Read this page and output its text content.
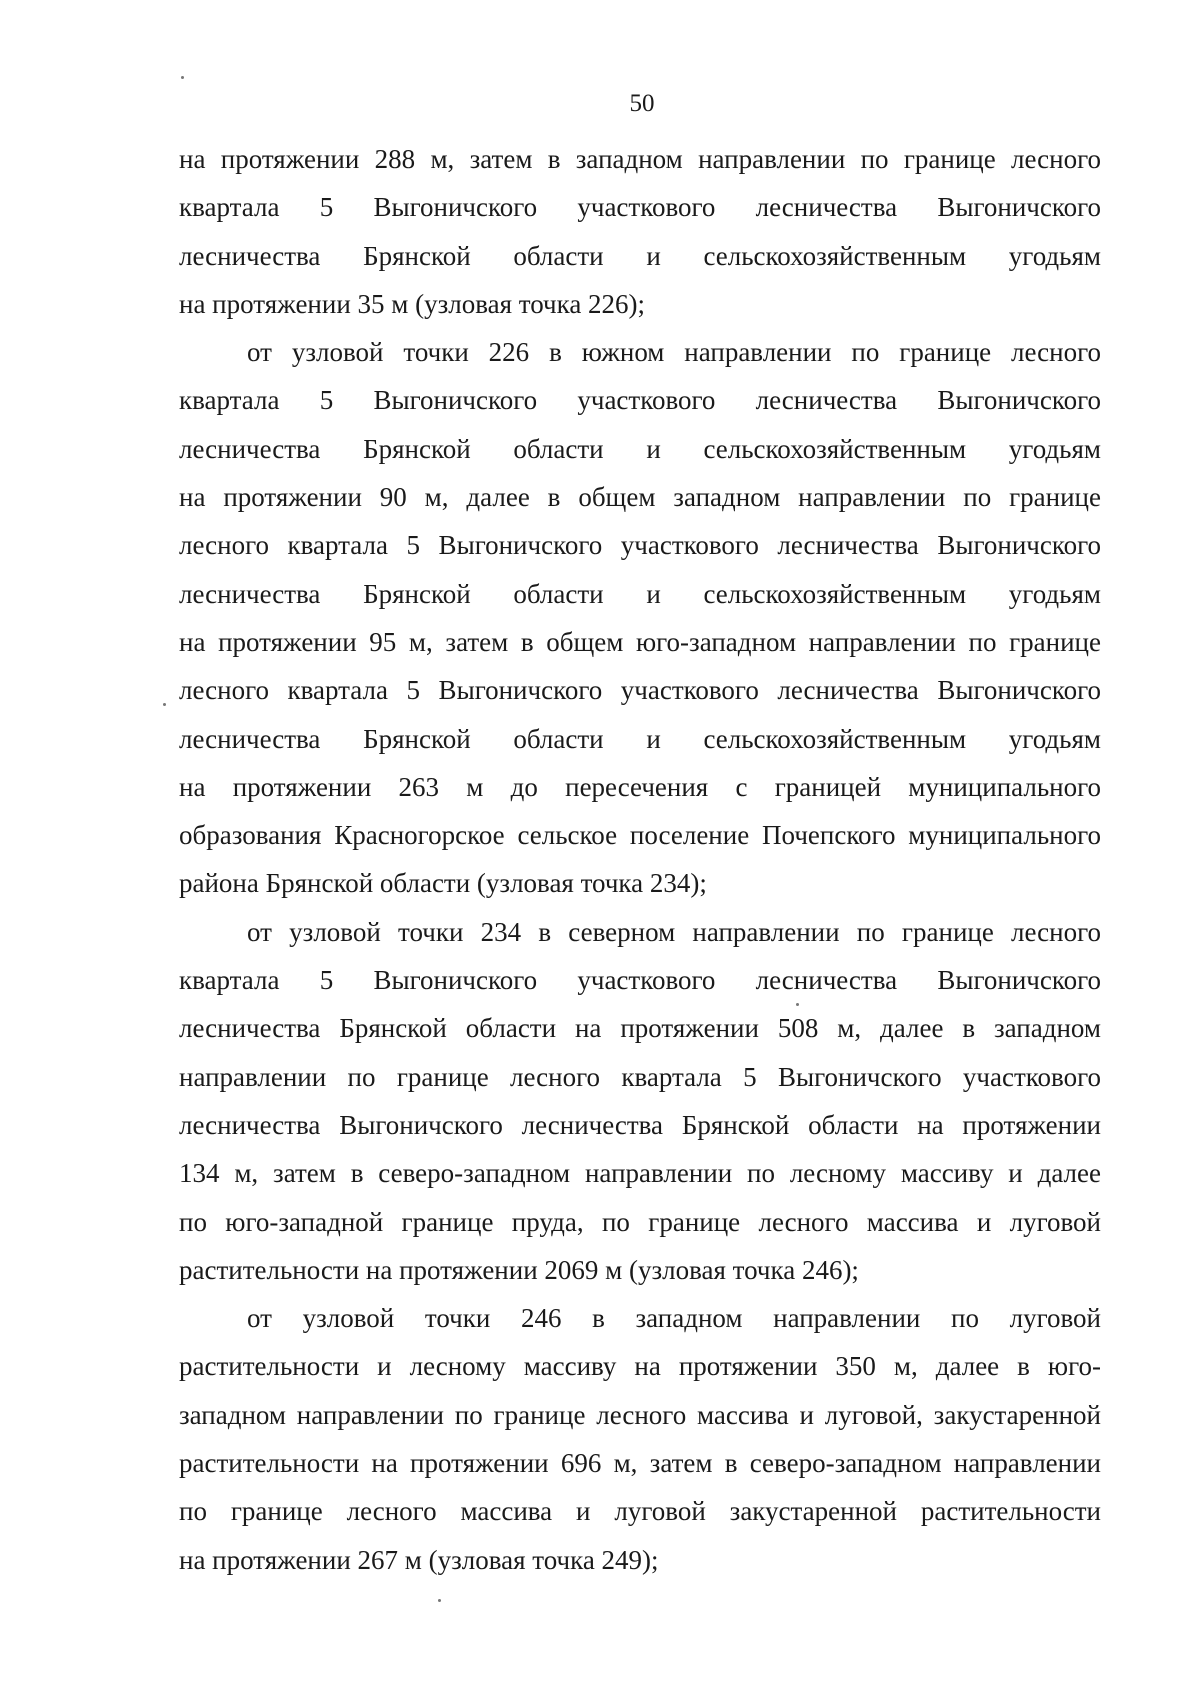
50

на протяжении 288 м, затем в западном направлении по границе лесного
квартала 5 Выгоничского участкового лесничества Выгоничского
лесничества Брянской области и сельскохозяйственным угодьям
на протяжении 35 м (узловая точка 226);

от узловой точки 226 в южном направлении по границе лесного
квартала 5 Выгоничского участкового лесничества Выгоничского
лесничества Брянской области и сельскохозяйственным угодьям
на протяжении 90 м, далее в общем западном направлении по границе
лесного квартала 5 Выгоничского участкового лесничества Выгоничского
лесничества Брянской области и сельскохозяйственным угодьям
на протяжении 95 м, затем в общем юго-западном направлении по границе
лесного квартала 5 Выгоничского участкового лесничества Выгоничского
лесничества Брянской области и сельскохозяйственным угодьям
на протяжении 263 м до пересечения с границей муниципального
образования Красногорское сельское поселение Почепского муниципального
района Брянской области (узловая точка 234);

от узловой точки 234 в северном направлении по границе лесного
квартала 5 Выгоничского участкового лесничества Выгоничского
лесничества Брянской области на протяжении 508 м, далее в западном
направлении по границе лесного квартала 5 Выгоничского участкового
лесничества Выгоничского лесничества Брянской области на протяжении
134 м, затем в северо-западном направлении по лесному массиву и далее
по юго-западной границе пруда, по границе лесного массива и луговой
растительности на протяжении 2069 м (узловая точка 246);

от узловой точки 246 в западном направлении по луговой
растительности и лесному массиву на протяжении 350 м, далее в юго-
западном направлении по границе лесного массива и луговой, закустаренной
растительности на протяжении 696 м, затем в северо-западном направлении
по границе лесного массива и луговой закустаренной растительности
на протяжении 267 м (узловая точка 249);
